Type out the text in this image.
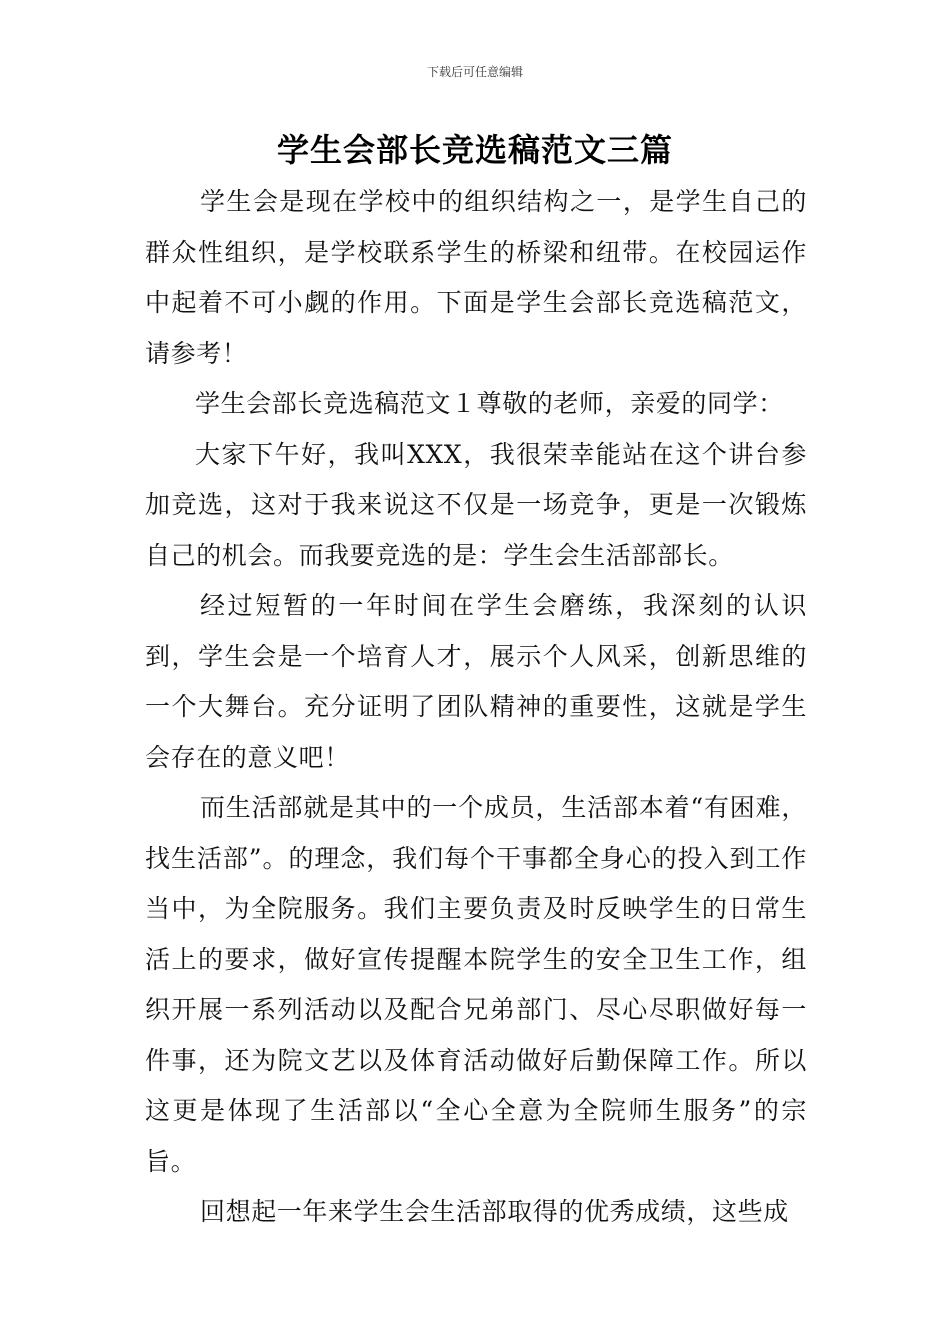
下载后可任意编辑
学生会部长竞选稿范文三篇

学生会是现在学校中的组织结构之一，是学生自己的群众性组织，是学校联系学生的桥梁和纽带。在校园运作中起着不可小觑的作用。下面是学生会部长竞选稿范文，请参考！

学生会部长竞选稿范文１尊敬的老师，亲爱的同学：

大家下午好，我叫XXX，我很荣幸能站在这个讲台参加竞选，这对于我来说这不仅是一场竞争，更是一次锻炼自己的机会。而我要竞选的是：学生会生活部部长。

经过短暂的一年时间在学生会磨练，我深刻的认识到，学生会是一个培育人才，展示个人风采，创新思维的一个大舞台。充分证明了团队精神的重要性，这就是学生会存在的意义吧！

而生活部就是其中的一个成员，生活部本着“有困难，找生活部”。的理念，我们每个干事都全身心的投入到工作当中，为全院服务。我们主要负责及时反映学生的日常生活上的要求，做好宣传提醒本院学生的安全卫生工作，组织开展一系列活动以及配合兄弟部门、尽心尽职做好每一件事，还为院文艺以及体育活动做好后勤保障工作。所以这更是体现了生活部以“全心全意为全院师生服务”的宗旨。

回想起一年来学生会生活部取得的优秀成绩，这些成
